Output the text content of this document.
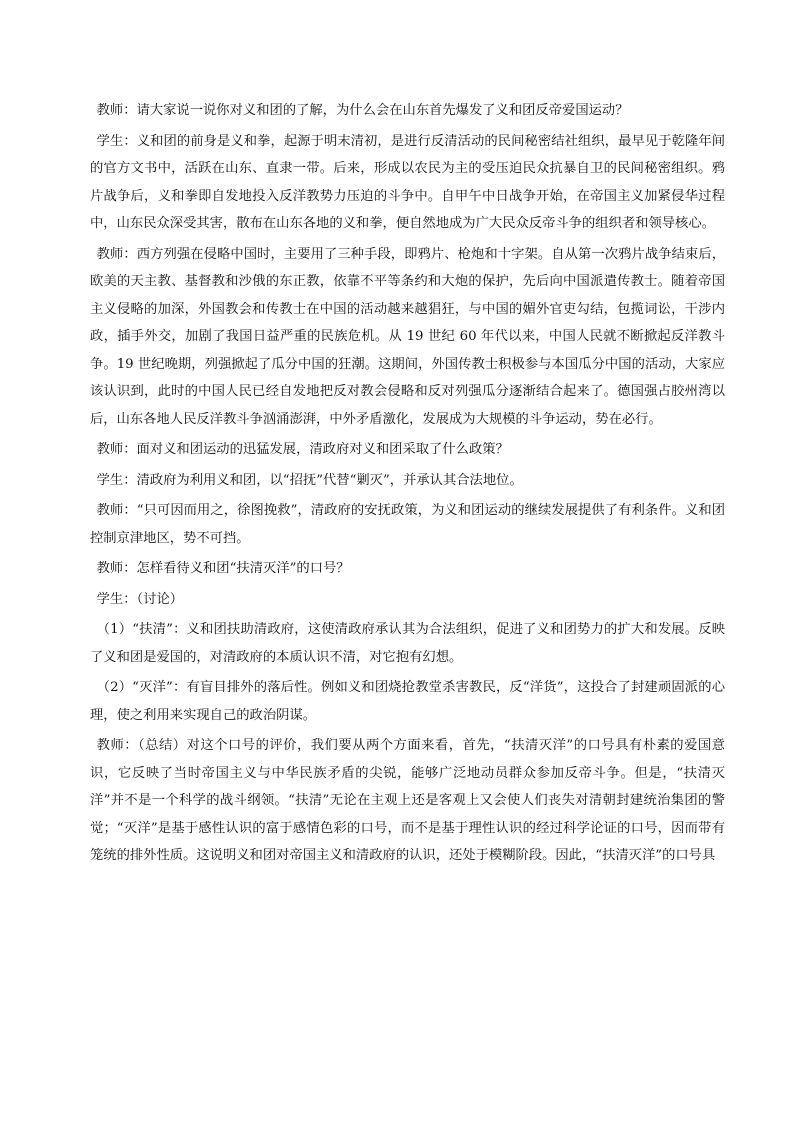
教师：请大家说一说你对义和团的了解，为什么会在山东首先爆发了义和团反帝爱国运动？

学生：义和团的前身是义和拳，起源于明末清初，是进行反清活动的民间秘密结社组织，最早见于乾隆年间的官方文书中，活跃在山东、直隶一带。后来，形成以农民为主的受压迫民众抗暴自卫的民间秘密组织。鸦片战争后，义和拳即自发地投入反洋教势力压迫的斗争中。自甲午中日战争开始，在帝国主义加紧侵华过程中，山东民众深受其害，散布在山东各地的义和拳，便自然地成为广大民众反帝斗争的组织者和领导核心。

教师：西方列强在侵略中国时，主要用了三种手段，即鸦片、枪炮和十字架。自从第一次鸦片战争结束后，欧美的天主教、基督教和沙俄的东正教，依靠不平等条约和大炮的保护，先后向中国派遣传教士。随着帝国主义侵略的加深，外国教会和传教士在中国的活动越来越猖狂，与中国的媚外官吏勾结，包揽词讼，干涉内政，插手外交，加剧了我国日益严重的民族危机。从 19 世纪 60 年代以来，中国人民就不断掀起反洋教斗争。19 世纪晚期，列强掀起了瓜分中国的狂潮。这期间，外国传教士积极参与本国瓜分中国的活动，大家应该认识到，此时的中国人民已经自发地把反对教会侵略和反对列强瓜分逐渐结合起来了。德国强占胶州湾以后，山东各地人民反洋教斗争汹涌澎湃，中外矛盾激化，发展成为大规模的斗争运动，势在必行。

教师：面对义和团运动的迅猛发展，清政府对义和团采取了什么政策？

学生：清政府为利用义和团，以“招抚”代替“剿灭”，并承认其合法地位。

教师：“只可因而用之，徐图挽救”，清政府的安抚政策，为义和团运动的继续发展提供了有利条件。义和团控制京津地区，势不可挡。

教师：怎样看待义和团“扶清灭洋”的口号？

学生：（讨论）

（1）“扶清”：义和团扶助清政府，这使清政府承认其为合法组织，促进了义和团势力的扩大和发展。反映了义和团是爱国的，对清政府的本质认识不清，对它抱有幻想。

（2）“灭洋”：有盲目排外的落后性。例如义和团烧抢教堂杀害教民，反“洋货”，这投合了封建顽固派的心理，使之利用来实现自己的政治阴谋。

教师：（总结）对这个口号的评价，我们要从两个方面来看，首先，“扶清灭洋”的口号具有朴素的爱国意识，它反映了当时帝国主义与中华民族矛盾的尖锐，能够广泛地动员群众参加反帝斗争。但是，“扶清灭洋”并不是一个科学的战斗纲领。“扶清”无论在主观上还是客观上又会使人们丧失对清朝封建统治集团的警觉；“灭洋”是基于感性认识的富于感情色彩的口号，而不是基于理性认识的经过科学论证的口号，因而带有笼统的排外性质。这说明义和团对帝国主义和清政府的认识，还处于模糊阶段。因此，“扶清灭洋”的口号具
